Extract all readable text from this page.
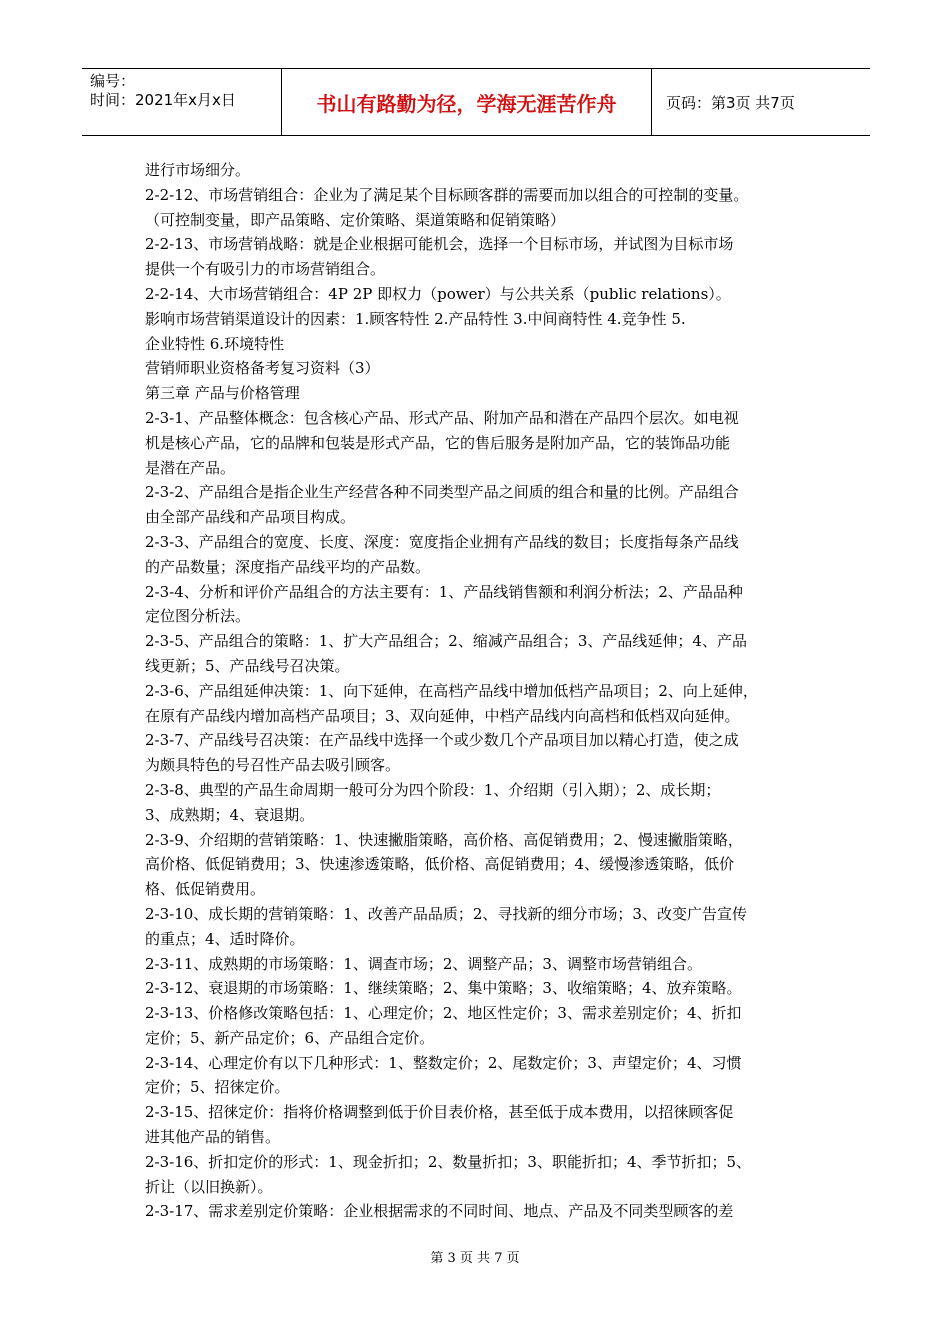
编号：
时间：2021年x月x日	书山有路勤为径，学海无涯苦作舟	页码：第3页 共7页

进行市场细分。

2-2-12、市场营销组合：企业为了满足某个目标顾客群的需要而加以组合的可控制的变量。

（可控制变量，即产品策略、定价策略、渠道策略和促销策略）

2-2-13、市场营销战略：就是企业根据可能机会，选择一个目标市场，并试图为目标市场

提供一个有吸引力的市场营销组合。

2-2-14、大市场营销组合：4P 2P 即权力（power）与公共关系（public relations）。

影响市场营销渠道设计的因素：1.顾客特性 2.产品特性 3.中间商特性 4.竞争性 5.

企业特性 6.环境特性

营销师职业资格备考复习资料（3）

第三章 产品与价格管理

2-3-1、产品整体概念：包含核心产品、形式产品、附加产品和潜在产品四个层次。如电视

机是核心产品，它的品牌和包装是形式产品，它的售后服务是附加产品，它的装饰品功能

是潜在产品。

2-3-2、产品组合是指企业生产经营各种不同类型产品之间质的组合和量的比例。产品组合

由全部产品线和产品项目构成。

2-3-3、产品组合的宽度、长度、深度：宽度指企业拥有产品线的数目；长度指每条产品线

的产品数量；深度指产品线平均的产品数。

2-3-4、分析和评价产品组合的方法主要有：1、产品线销售额和利润分析法；2、产品品种

定位图分析法。

2-3-5、产品组合的策略：1、扩大产品组合；2、缩减产品组合；3、产品线延伸；4、产品

线更新；5、产品线号召决策。

2-3-6、产品组延伸决策：1、向下延伸，在高档产品线中增加低档产品项目；2、向上延伸，

在原有产品线内增加高档产品项目；3、双向延伸，中档产品线内向高档和低档双向延伸。

2-3-7、产品线号召决策：在产品线中选择一个或少数几个产品项目加以精心打造，使之成

为颇具特色的号召性产品去吸引顾客。

2-3-8、典型的产品生命周期一般可分为四个阶段：1、介绍期（引入期）；2、成长期；

3、成熟期；4、衰退期。

2-3-9、介绍期的营销策略：1、快速撇脂策略，高价格、高促销费用；2、慢速撇脂策略，

高价格、低促销费用；3、快速渗透策略，低价格、高促销费用；4、缓慢渗透策略，低价

格、低促销费用。

2-3-10、成长期的营销策略：1、改善产品品质；2、寻找新的细分市场；3、改变广告宣传

的重点；4、适时降价。

2-3-11、成熟期的市场策略：1、调查市场；2、调整产品；3、调整市场营销组合。

2-3-12、衰退期的市场策略：1、继续策略；2、集中策略；3、收缩策略；4、放弃策略。

2-3-13、价格修改策略包括：1、心理定价；2、地区性定价；3、需求差别定价；4、折扣

定价；5、新产品定价；6、产品组合定价。

2-3-14、心理定价有以下几种形式：1、整数定价；2、尾数定价；3、声望定价；4、习惯

定价；5、招徕定价。

2-3-15、招徕定价：指将价格调整到低于价目表价格，甚至低于成本费用，以招徕顾客促

进其他产品的销售。

2-3-16、折扣定价的形式：1、现金折扣；2、数量折扣；3、职能折扣；4、季节折扣；5、

折让（以旧换新）。

2-3-17、需求差别定价策略：企业根据需求的不同时间、地点、产品及不同类型顾客的差

第 3 页 共 7 页
